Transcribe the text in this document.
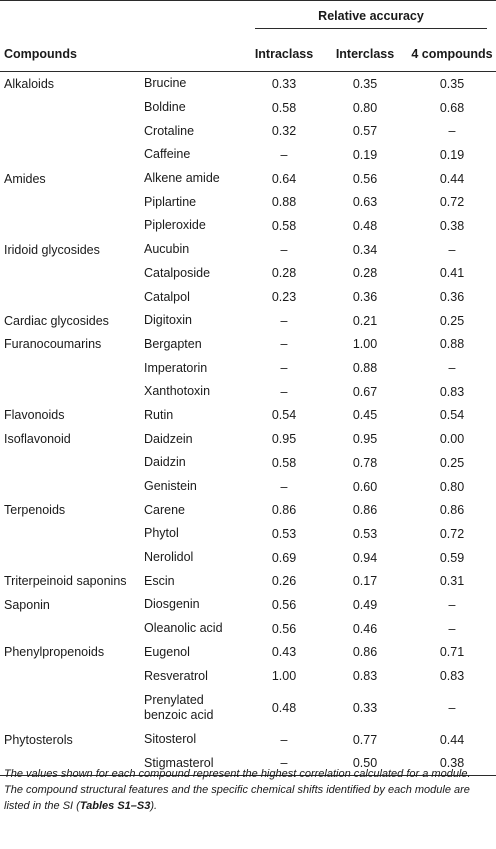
		Relative accuracy		
Compounds		Intraclass	Interclass	4 compounds
Alkaloids	Brucine	0.33	0.35	0.35
	Boldine	0.58	0.80	0.68
	Crotaline	0.32	0.57	–
	Caffeine	–	0.19	0.19
Amides	Alkene amide	0.64	0.56	0.44
	Piplartine	0.88	0.63	0.72
	Pipleroxide	0.58	0.48	0.38
Iridoid glycosides	Aucubin	–	0.34	–
	Catalposide	0.28	0.28	0.41
	Catalpol	0.23	0.36	0.36
Cardiac glycosides	Digitoxin	–	0.21	0.25
Furanocoumarins	Bergapten	–	1.00	0.88
	Imperatorin	–	0.88	–
	Xanthotoxin	–	0.67	0.83
Flavonoids	Rutin	0.54	0.45	0.54
Isoflavonoid	Daidzein	0.95	0.95	0.00
	Daidzin	0.58	0.78	0.25
	Genistein	–	0.60	0.80
Terpenoids	Carene	0.86	0.86	0.86
	Phytol	0.53	0.53	0.72
	Nerolidol	0.69	0.94	0.59
Triterpeinoid saponins	Escin	0.26	0.17	0.31
Saponin	Diosgenin	0.56	0.49	–
	Oleanolic acid	0.56	0.46	–
Phenylpropenoids	Eugenol	0.43	0.86	0.71
	Resveratrol	1.00	0.83	0.83
	Prenylated benzoic acid	0.48	0.33	–
Phytosterols	Sitosterol	–	0.77	0.44
	Stigmasterol	–	0.50	0.38
The values shown for each compound represent the highest correlation calculated for a module. The compound structural features and the specific chemical shifts identified by each module are listed in the SI (Tables S1–S3).
